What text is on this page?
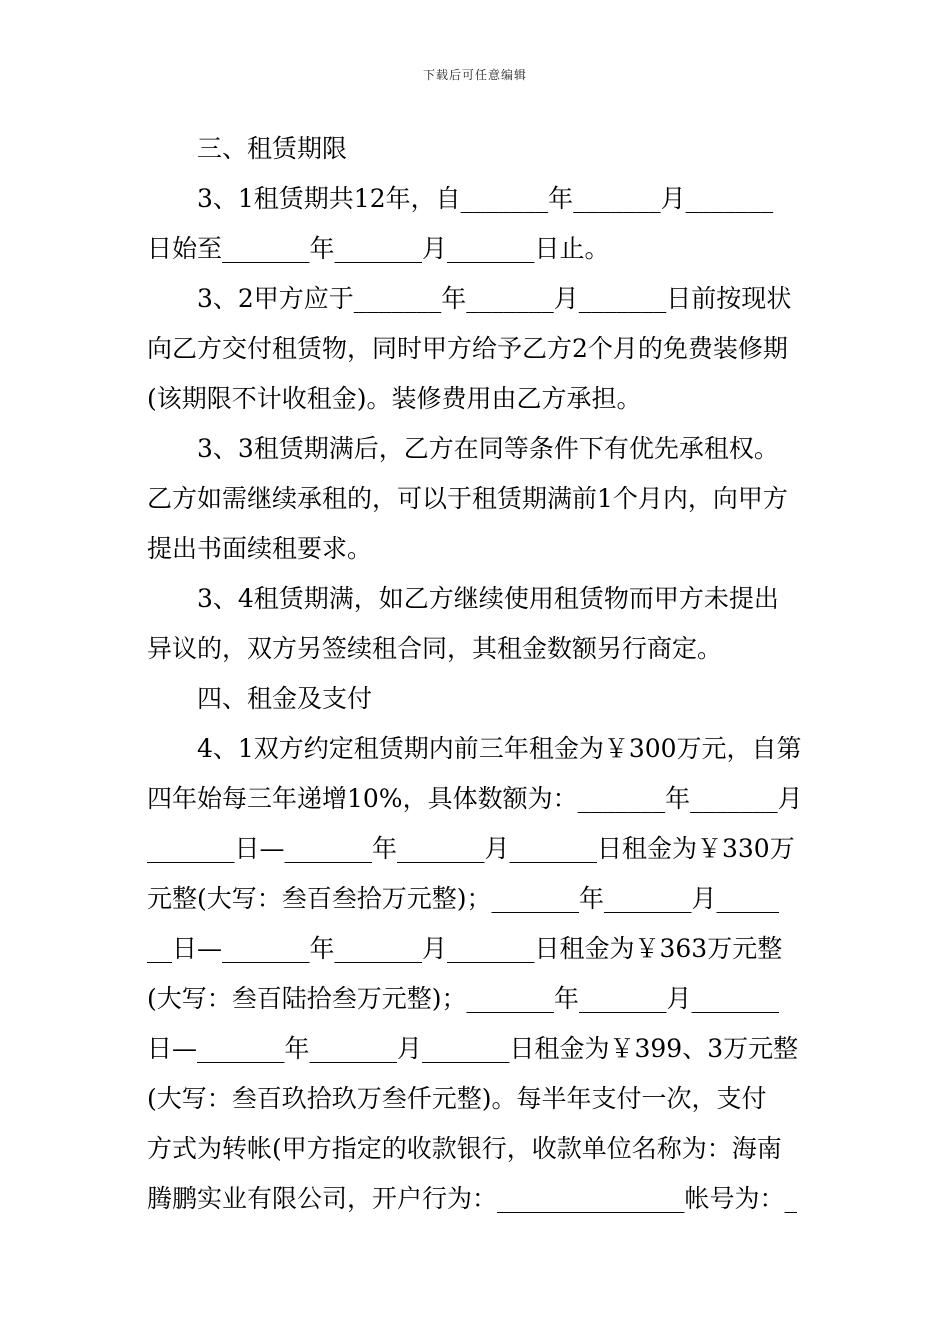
下载后可任意编辑
三、租赁期限
3、1租赁期共12年，自_______年_______月_______
日始至_______年_______月_______日止。
3、2甲方应于_______年_______月_______日前按现状
向乙方交付租赁物，同时甲方给予乙方2个月的免费装修期
(该期限不计收租金)。装修费用由乙方承担。
3、3租赁期满后，乙方在同等条件下有优先承租权。
乙方如需继续承租的，可以于租赁期满前1个月内，向甲方
提出书面续租要求。
3、4租赁期满，如乙方继续使用租赁物而甲方未提出
异议的，双方另签续租合同，其租金数额另行商定。
四、租金及支付
4、1双方约定租赁期内前三年租金为￥300万元，自第
四年始每三年递增10%，具体数额为：_______年_______月
_______日—_______年_______月_______日租金为￥330万
元整(大写：叁百叁拾万元整)；_______年_______月_____
__日—_______年_______月_______日租金为￥363万元整
(大写：叁百陆拾叁万元整)；_______年_______月_______
日—_______年_______月_______日租金为￥399、3万元整
(大写：叁百玖拾玖万叁仟元整)。每半年支付一次，支付
方式为转帐(甲方指定的收款银行，收款单位名称为：海南
腾鹏实业有限公司，开户行为：_______________帐号为：_
